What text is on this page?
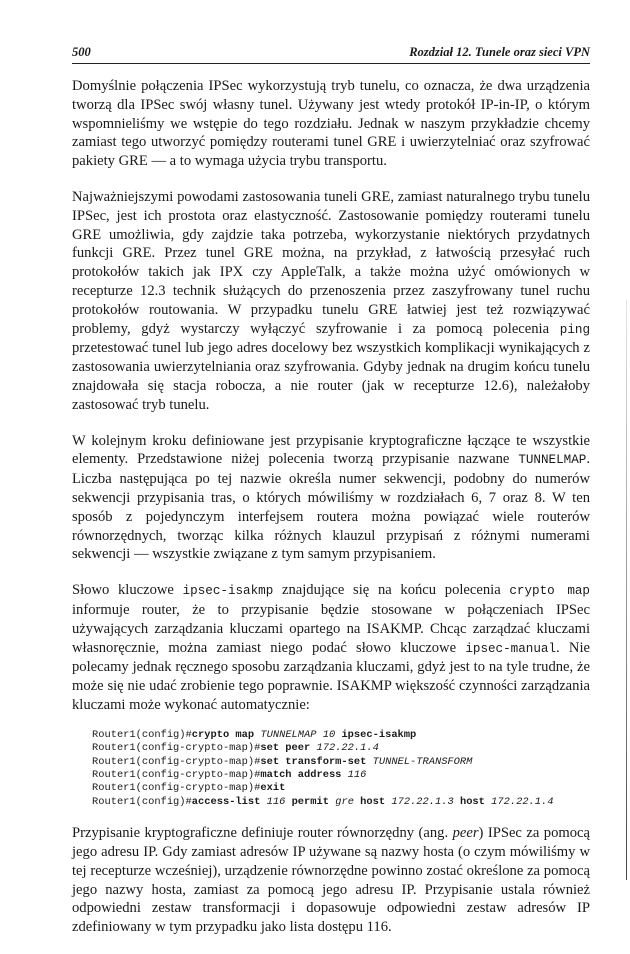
500	Rozdział 12. Tunele oraz sieci VPN

Domyślnie połączenia IPSec wykorzystują tryb tunelu, co oznacza, że dwa urządzenia tworzą dla IPSec swój własny tunel. Używany jest wtedy protokół IP-in-IP, o którym wspomnieliśmy we wstępie do tego rozdziału. Jednak w naszym przykładzie chcemy zamiast tego utworzyć pomiędzy routerami tunel GRE i uwierzytelniać oraz szyfrować pakiety GRE — a to wymaga użycia trybu transportu.

Najważniejszymi powodami zastosowania tuneli GRE, zamiast naturalnego trybu tunelu IPSec, jest ich prostota oraz elastyczność. Zastosowanie pomiędzy routerami tunelu GRE umożliwia, gdy zajdzie taka potrzeba, wykorzystanie niektórych przydatnych funkcji GRE. Przez tunel GRE można, na przykład, z łatwością przesyłać ruch protokołów takich jak IPX czy AppleTalk, a także można użyć omówionych w recepturze 12.3 technik służących do przenoszenia przez zaszyfrowany tunel ruchu protokołów routowania. W przypadku tunelu GRE łatwiej jest też rozwiązywać problemy, gdyż wystarczy wyłączyć szyfrowanie i za pomocą polecenia ping przetestować tunel lub jego adres docelowy bez wszystkich komplikacji wynikających z zastosowania uwierzytelniania oraz szyfrowania. Gdyby jednak na drugim końcu tunelu znajdowała się stacja robocza, a nie router (jak w recepturze 12.6), należałoby zastosować tryb tunelu.

W kolejnym kroku definiowane jest przypisanie kryptograficzne łączące te wszystkie elementy. Przedstawione niżej polecenia tworzą przypisanie nazwane TUNNELMAP. Liczba następująca po tej nazwie określa numer sekwencji, podobny do numerów sekwencji przypisania tras, o których mówiliśmy w rozdziałach 6, 7 oraz 8. W ten sposób z pojedynczym interfejsem routera można powiązać wiele routerów równorzędnych, tworząc kilka różnych klauzul przypisań z różnymi numerami sekwencji — wszystkie związane z tym samym przypisaniem.

Słowo kluczowe ipsec-isakmp znajdujące się na końcu polecenia crypto map informuje router, że to przypisanie będzie stosowane w połączeniach IPSec używających zarządzania kluczami opartego na ISAKMP. Chcąc zarządzać kluczami własnoręcznie, można zamiast niego podać słowo kluczowe ipsec-manual. Nie polecamy jednak ręcznego sposobu zarządzania kluczami, gdyż jest to na tyle trudne, że może się nie udać zrobienie tego poprawnie. ISAKMP większość czynności zarządzania kluczami może wykonać automatycznie:

Router1(config)#crypto map TUNNELMAP 10 ipsec-isakmp
Router1(config-crypto-map)#set peer 172.22.1.4
Router1(config-crypto-map)#set transform-set TUNNEL-TRANSFORM
Router1(config-crypto-map)#match address 116
Router1(config-crypto-map)#exit
Router1(config)#access-list 116 permit gre host 172.22.1.3 host 172.22.1.4

Przypisanie kryptograficzne definiuje router równorzędny (ang. peer) IPSec za pomocą jego adresu IP. Gdy zamiast adresów IP używane są nazwy hosta (o czym mówiliśmy w tej recepturze wcześniej), urządzenie równorzędne powinno zostać określone za pomocą jego nazwy hosta, zamiast za pomocą jego adresu IP. Przypisanie ustala również odpowiedni zestaw transformacji i dopasowuje odpowiedni zestaw adresów IP zdefiniowany w tym przypadku jako lista dostępu 116.
